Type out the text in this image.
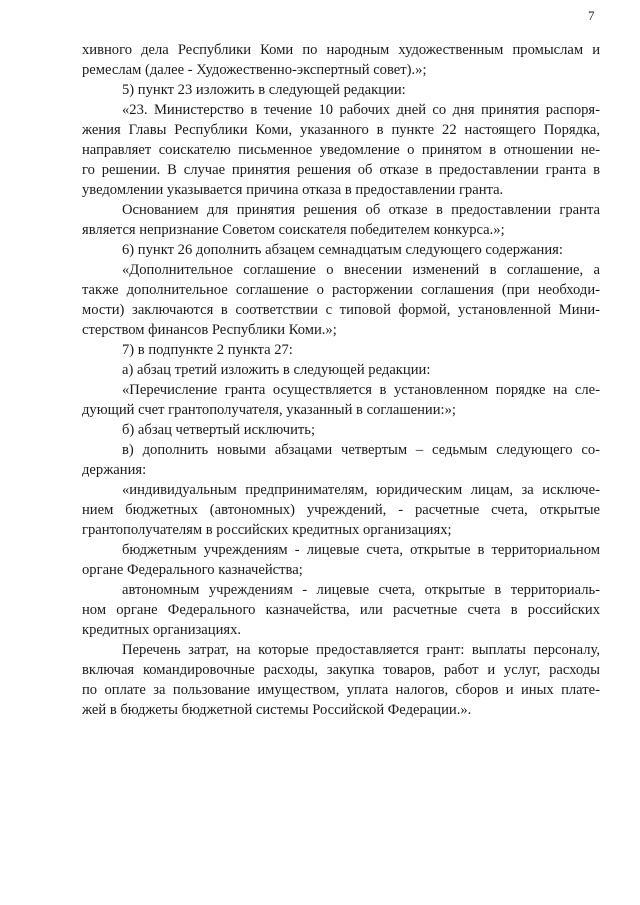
7
хивного дела Республики Коми по народным художественным промыслам и
ремеслам (далее - Художественно-экспертный совет).»;
5) пункт 23 изложить в следующей редакции:
«23. Министерство в течение 10 рабочих дней со дня принятия распоря-
жения Главы Республики Коми, указанного в пункте 22 настоящего Порядка,
направляет соискателю письменное уведомление о принятом в отношении не-
го решении. В случае принятия решения об отказе в предоставлении гранта в
уведомлении указывается причина отказа в предоставлении гранта.
Основанием для принятия решения об отказе в предоставлении гранта
является непризнание Советом соискателя победителем конкурса.»;
6) пункт 26 дополнить абзацем семнадцатым следующего содержания:
«Дополнительное соглашение о внесении изменений в соглашение, а
также дополнительное соглашение о расторжении соглашения (при необходи-
мости) заключаются в соответствии с типовой формой, установленной Мини-
стерством финансов Республики Коми.»;
7) в подпункте 2 пункта 27:
а) абзац третий изложить в следующей редакции:
«Перечисление гранта осуществляется в установленном порядке на сле-
дующий счет грантополучателя, указанный в соглашении:»;
б) абзац четвертый исключить;
в) дополнить новыми абзацами четвертым – седьмым следующего со-
держания:
«индивидуальным предпринимателям, юридическим лицам, за исключе-
нием бюджетных (автономных) учреждений, - расчетные счета, открытые
грантополучателям в российских кредитных организациях;
бюджетным учреждениям - лицевые счета, открытые в территориальном
органе Федерального казначейства;
автономным учреждениям - лицевые счета, открытые в территориаль-
ном органе Федерального казначейства, или расчетные счета в российских
кредитных организациях.
Перечень затрат, на которые предоставляется грант: выплаты персоналу,
включая командировочные расходы, закупка товаров, работ и услуг, расходы
по оплате за пользование имуществом, уплата налогов, сборов и иных плате-
жей в бюджеты бюджетной системы Российской Федерации.».
